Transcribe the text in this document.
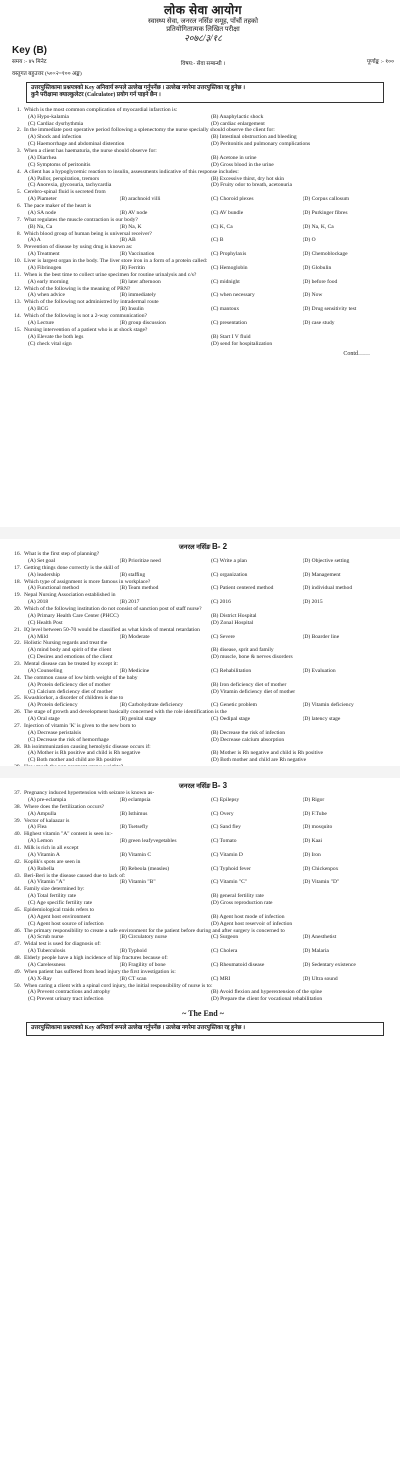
लोक सेवा आयोग
स्वास्थ्य सेवा, जनरल नर्सिङ समूह, पाँचौं तहको
प्रतियोगितात्मक लिखित परीक्षा
२०७८/३/१८
Key (B)
समय :- ४५ मिनेट	पूर्णाङ्क :- १००
विषय:- सेवा सम्बन्धी ।
वस्तुगत बहुउत्तर (५०×२=१०० अङ्क)
उत्तरपुस्तिकामा प्रश्नपत्रको Key अनिवार्य रूपले उल्लेख गर्नुपर्नेछ । उल्लेख नगरेमा उत्तरपुस्तिका रद्द हुनेछ ।
कुनै परीक्षामा क्याल्कुलेटर (Calculator) प्रयोग गर्न पाइने छैन ।
1. Which is the most common complication of myocardial infarction is:
(A) Hypo-kalamia	(B) Anaphylactic shock
(C) Cardiac dysrhythmia	(D) cardiac enlargement
2. In the immediate post operative period following a splenectomy the nurse specially should observe the client for:
(A) Shock and infection	(B) Intestinal obstruction and bleeding
(C) Haemorrhage and abdominal distention	(D) Peritonitis and pulmonary complications
3. When a client has haematuria, the nurse should observe for:
(A) Diarrhea	(B) Acetone in urine
(C) Symptoms of peritonitis	(D) Gross blood in the urine
4. A client has a hypoglycemic reaction to insulin, assessments indicative of this response includes:
(A) Pallor, perspiration, tremors	(B) Excessive thirst, dry hot skin
(C) Anorexia, glycosuria, tachycardia	(D) Fruity odor to breath, acetonuria
5. Cerebro-spinal fluid is secreted from
(A) Piameter	(B) arachnoid villi	(C) Choroid plexes	(D) Corpus callosum
6. The pace maker of the heart is
(A) SA node	(B) AV node	(C) AV bundle	(D) Purkinger fibres
7. What regulates the muscle contraction is our body?
(B) Na, Ca	(B) Na, K	(C) K, Ca	(D) Na, K, Ca
8. Which blood group of human being is universal receiver?
(A) A	(B) AB	(C) B	(D) O
9. Prevention of disease by using drug is known as:
(A) Treatment	(B) Vaccination	(C) Prophylaxis	(D) Chemoblockage
10. Liver is largest organ in the body. The liver store iron in a form of a protein called:
(A) Fibrinogen	(B) Ferritin	(C) Hemoglobin	(D) Globulin
11. When is the best time to collect urine specimen for routine urinalysis and c/s?
(A) early morning	(B) later afternoon	(C) midnight	(D) before food
12. Which of the following is the meaning of PRN?
(A) when advice	(B) immediately	(C) when necessary	(D) Now
13. Which of the following not administred by intradermal route
(A) BCG	(B) Insulin	(C) mantoux	(D) Drug sensitivity test
14. Which of the following is not a 2-way communication?
(A) Lecture	(B) group discussion	(C) presentation	(D) case study
15. Nursing intervention of a patient who is at shock stage?
(A) Elevate the both legs	(B) Start I V fluid
(C) check vital sign	(D) send for hospitalization
Contd……
जनरल नर्सिङ B- 2
16. What is the first step of planning?
(A) Set goal	(B) Prioritize need	(C) Write a plan	(D) Objective setting
17. Getting things done correctly is the skill of
(A) leadership	(B) staffing	(C) organization	(D) Management
18. Which type of assignment is more famous in workplace?
(A) Functional method	(B) Team method	(C) Patient centered method	(D) individual method
19. Nepal Nursing Association established in
(A) 2018	(B) 2017	(C) 2016	(D) 2015
20. Which of the following institution do not consist of sanction post of staff nurse?
(A) Primary Health Care Center (PHCC)	(B) District Hospital
(C) Health Post	(D) Zonal Hospital
21. IQ level between 50-70 would be classified as what kinds of mental retardation
(A) Mild	(B) Moderate	(C) Severe	(D) Boarder line
22. Holistic Nursing regards and treat the
(A) mind body and spirit of the client	(B) disease, sprit and family
(C) Desires and emotions of the client	(D) muscle, bone & nerves disorders
23. Mental disease can be treated by except it:
(A) Counseling	(B) Medicine	(C) Rehabilitation	(D) Evaluation
24. The common cause of low birth weight of the baby
(A) Protein deficiency diet of mother	(B) Iron deficiency diet of mother
(C) Calcium deficiency diet of mother	(D) Vitamin deficiency diet of mother
25. Kwashiorkor, a disorder of children is due to
(A) Protein deficiency	(B) Carbohydrate deficiency	(C) Genetic problem	(D) Vitamin deficiency
26. The stage of growth and development basically concerned with the role identification is the
(A) Oral stage	(B) genital stage	(C) Oedipal stage	(D) latency stage
27. Injection of vitamin 'K' is given to the new born to
(A) Decrease peristalsis	(B) Decrease the risk of infection
(C) Decrease the risk of hemorrhage	(D) Decrease calcium absorption
28. Rh isoimmunization causing hemolytic disease occurs if:
(A) Mother is Rh positive and child is Rh negative	(B) Mother is Rh negative and child is Rh positive
(C) Both mother and child are Rh positive	(D) Both mother and child are Rh negative
जनरल नर्सिङ B- 3
37. Pregnancy induced hypertension with seizure is known as-
(A) pre-eclampia	(B) eclampsia	(C) Epilepsy	(D) Rigor
38. Where does the fertilization occurs?
(A) Ampulla	(B) Isthimus	(C) Overy	(D) F.Tube
39. Vector of kalaazar is
(A) Flea	(B) Tsetsefly	(C) Sand fley	(D) mosquito
40. Highest vitamin "A" content is seen in:-
(A) Lemon	(B) green leafyvegetables	(C) Tomato	(D) Kaai
41. Milk is rich in all except
(A) Vitamin A	(B) Vitamin C	(C) Vitamin D	(D) Iron
42. Koplik's spots are seen in
(A) Rubella	(B) Rebeola (measles)	(C) Typhoid fever	(D) Chickenpox
43. Beri-Beri is the disease caused due to lack of:
(A) Vitamin "A"	(B) Vitamin "B"	(C) Vitamin "C"	(D) Vitamin "D"
44. Family size determined by:
(A) Total fertility rate	(B) general fertility rate
(C) Age specific fertility rate	(D) Gross reproduction rate
45. Epidemiological traids refers to
(A) Agent host environment	(B) Agent host mode of infection
(C) Agent host source of infection	(D) Agent host reservoir of infection
46. The primary responsibility to create a safe environment for the patient before during and after surgery is concerned to
(A) Scrub nurse	(B) Circulatory nurse	(C) Surgeon	(D) Anesthetist
47. Widal test is used for diagnosis of:
(A) Tuberculosis	(B) Typhoid	(C) Cholera	(D) Malaria
48. Elderly people have a high incidence of hip fractures because of:
(A) Carelessness	(B) Fragility of bone	(C) Rheumatoid disease	(D) Sedentary existence
49. When patient has suffered from head injury the first investigation is:
(A) X-Ray	(B) CT scan	(C) MRI	(D) Ultra sound
50. When caring a client with a spinal cord injury, the initial responsibility of nurse is to:
(A) Prevent contractions and atrophy	(B) Avoid flexion and hyperextension of the spine
(C) Prevent urinary tract infection	(D) Prepare the client for vocational rehabilitation
~ The End ~
उत्तरपुस्तिकामा प्रश्नपत्रको Key अनिवार्य रूपले उल्लेख गर्नुपर्नेछ । उल्लेख नगरेमा उत्तरपुस्तिका रद्द हुनेछ ।
